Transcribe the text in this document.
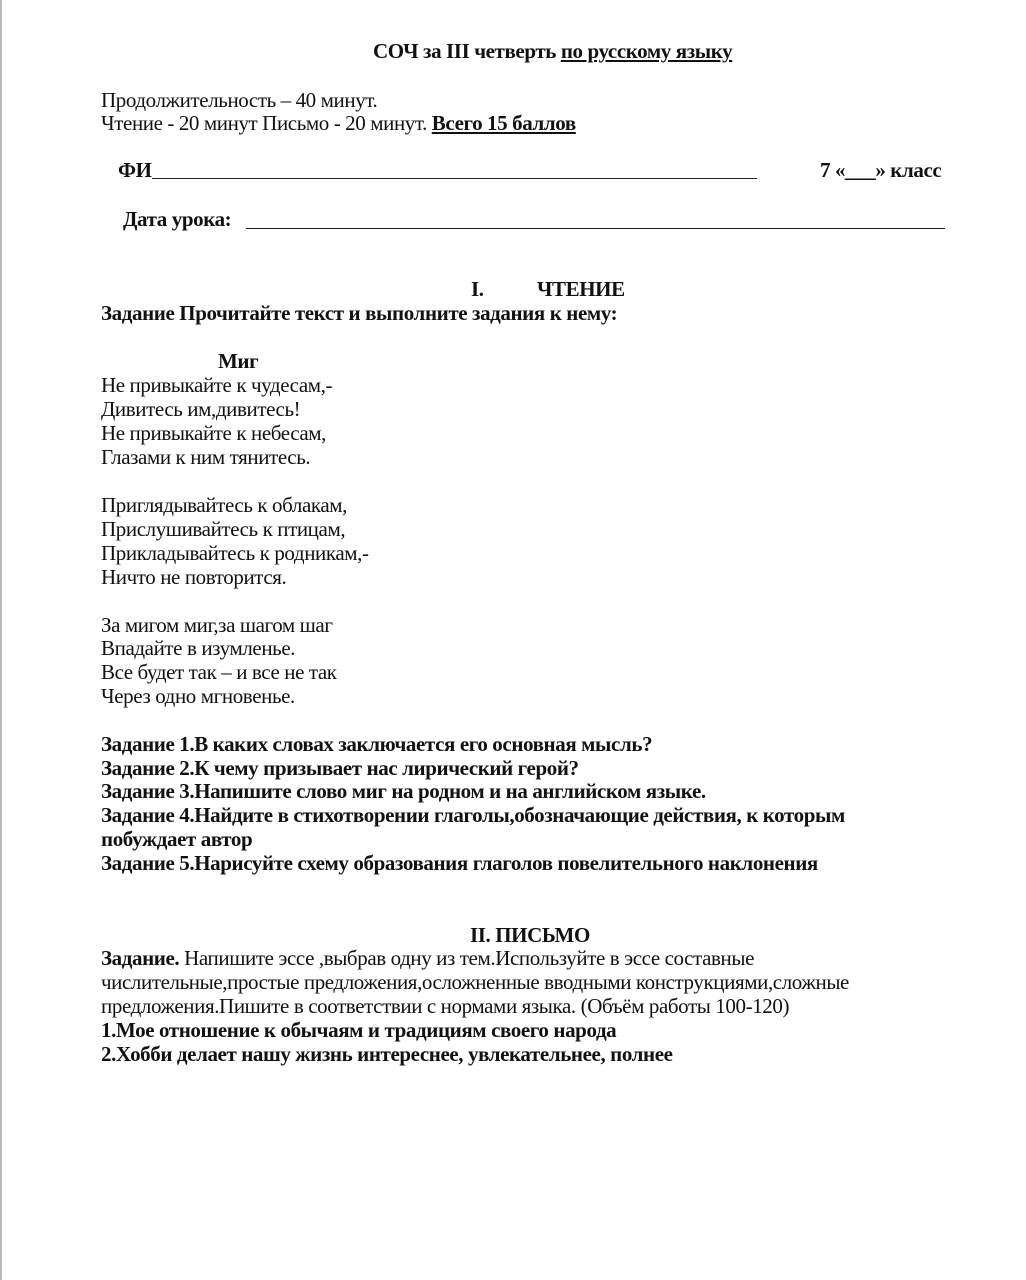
СОЧ за III четверть по русскому языку
Продолжительность – 40 минут.
Чтение - 20 минут Письмо - 20 минут. Всего 15 баллов
ФИ	7 «___» класс
Дата урока:
I.	ЧТЕНИЕ
Задание Прочитайте текст и выполните задания к нему:
Миг
Не привыкайте к чудесам,-
Дивитесь им,дивитесь!
Не привыкайте к небесам,
Глазами к ним тянитесь.
Приглядывайтесь к облакам,
Прислушивайтесь к птицам,
Прикладывайтесь к родникам,-
Ничто не повторится.
За мигом миг,за шагом шаг
Впадайте в изумленье.
Все будет так – и все не так
Через одно мгновенье.
Задание 1.В каких словах заключается его основная мысль?
Задание 2.К чему призывает нас лирический герой?
Задание 3.Напишите слово миг на родном и на английском языке.
Задание 4.Найдите в стихотворении глаголы,обозначающие действия, к которым
побуждает автор
Задание 5.Нарисуйте схему образования глаголов повелительного наклонения
II. ПИСЬМО
Задание. Напишите эссе ,выбрав одну из тем.Используйте в эссе составные
числительные,простые предложения,осложненные вводными конструкциями,сложные
предложения.Пишите в соответствии с нормами языка. (Объём работы 100-120)
1.Мое отношение к обычаям и традициям своего народа
2.Хобби делает нашу жизнь интереснее, увлекательнее, полнее
